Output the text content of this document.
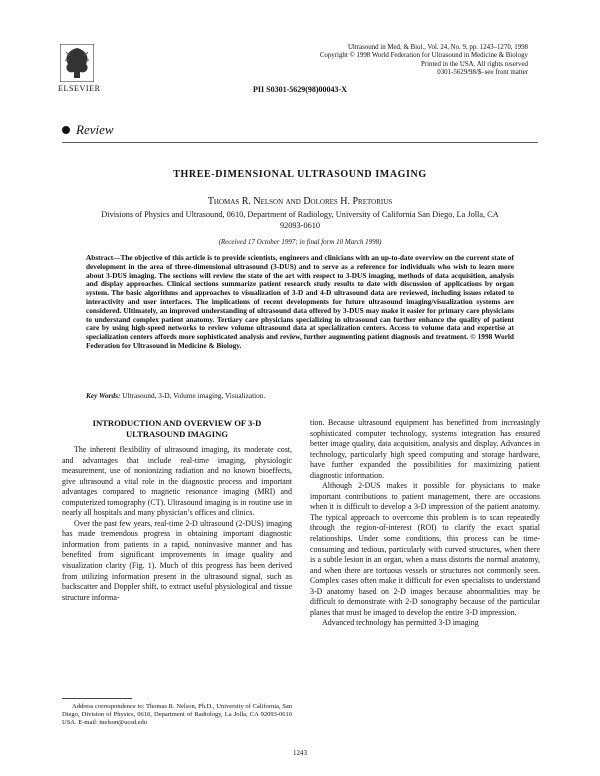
ELSEVIER
Ultrasound in Med. & Biol., Vol. 24, No. 9, pp. 1243–1270, 1998
Copyright © 1998 World Federation for Ultrasound in Medicine & Biology
Printed in the USA. All rights reserved
0301-5629/98/$–see front matter
PII S0301-5629(98)00043-X
Review
THREE-DIMENSIONAL ULTRASOUND IMAGING
Thomas R. Nelson and Dolores H. Pretorius
Divisions of Physics and Ultrasound, 0610, Department of Radiology, University of California San Diego, La Jolla, CA 92093-0610
(Received 17 October 1997; in final form 10 March 1998)
Abstract—The objective of this article is to provide scientists, engineers and clinicians with an up-to-date overview on the current state of development in the area of three-dimensional ultrasound (3-DUS) and to serve as a reference for individuals who wish to learn more about 3-DUS imaging. The sections will review the state of the art with respect to 3-DUS imaging, methods of data acquisition, analysis and display approaches. Clinical sections summarize patient research study results to date with discussion of applications by organ system. The basic algorithms and approaches to visualization of 3-D and 4-D ultrasound data are reviewed, including issues related to interactivity and user interfaces. The implications of recent developments for future ultrasound imaging/visualization systems are considered. Ultimately, an improved understanding of ultrasound data offered by 3-DUS may make it easier for primary care physicians to understand complex patient anatomy. Tertiary care physicians specializing in ultrasound can further enhance the quality of patient care by using high-speed networks to review volume ultrasound data at specialization centers. Access to volume data and expertise at specialization centers affords more sophisticated analysis and review, further augmenting patient diagnosis and treatment. © 1998 World Federation for Ultrasound in Medicine & Biology.
Key Words: Ultrasound, 3-D, Volume imaging, Visualization.
INTRODUCTION AND OVERVIEW OF 3-D ULTRASOUND IMAGING

The inherent flexibility of ultrasound imaging, its moderate cost, and advantages that include real-time imaging, physiologic measurement, use of nonionizing radiation and no known bioeffects, give ultrasound a vital role in the diagnostic process and important advantages compared to magnetic resonance imaging (MRI) and computerized tomography (CT). Ultrasound imaging is in routine use in nearly all hospitals and many physician’s offices and clinics.

Over the past few years, real-time 2-D ultrasound (2-DUS) imaging has made tremendous progress in obtaining important diagnostic information from patients in a rapid, noninvasive manner and has benefited from significant improvements in image quality and visualization clarity (Fig. 1). Much of this progress has been derived from utilizing information present in the ultrasound signal, such as backscatter and Doppler shift, to extract useful physiological and tissue structure informa-

tion. Because ultrasound equipment has benefitted from increasingly sophisticated computer technology, systems integration has ensured better image quality, data acquisition, analysis and display. Advances in technology, particularly high speed computing and storage hardware, have further expanded the possibilities for maximizing patient diagnostic information.

Although 2-DUS makes it possible for physicians to make important contributions to patient management, there are occasions when it is difficult to develop a 3-D impression of the patient anatomy. The typical approach to overcome this problem is to scan repeatedly through the region-of-interest (ROI) to clarify the exact spatial relationships. Under some conditions, this process can be time-consuming and tedious, particularly with curved structures, when there is a subtle lesion in an organ, when a mass distorts the normal anatomy, and when there are tortuous vessels or structures not commonly seen. Complex cases often make it difficult for even specialists to understand 3-D anatomy based on 2-D images because abnormalities may be difficult to demonstrate with 2-D sonography because of the particular planes that must be imaged to develop the entire 3-D impression.

Advanced technology has permitted 3-D imaging

Address correspondence to: Thomas R. Nelson, Ph.D., University of California, San Diego, Division of Physics, 0610, Department of Radiology, La Jolla, CA 92093-0610 USA. E-mail: tnelson@ucsd.edu
1243
